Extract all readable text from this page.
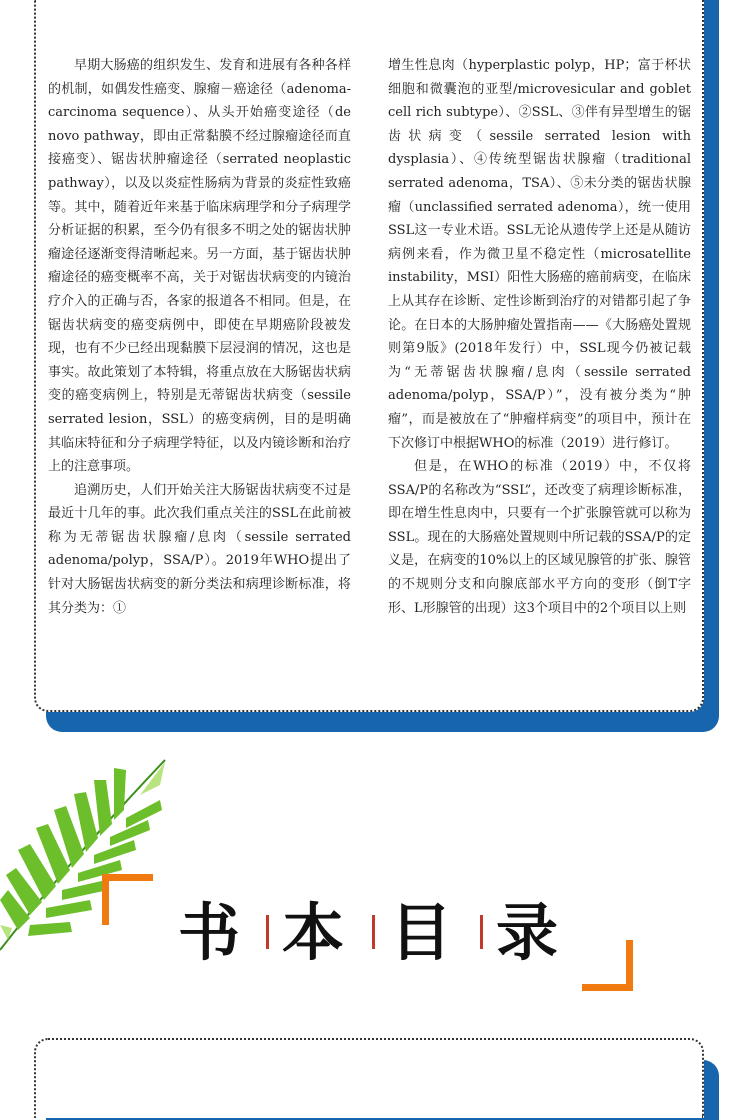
早期大肠癌的组织发生、发育和进展有各种各样的机制，如偶发性癌变、腺瘤－癌途径（adenoma-carcinoma sequence）、从头开始癌变途径（de novo pathway，即由正常黏膜不经过腺瘤途径而直接癌变）、锯齿状肿瘤途径（serrated neoplastic pathway），以及以炎症性肠病为背景的炎症性致癌等。其中，随着近年来基于临床病理学和分子病理学分析证据的积累，至今仍有很多不明之处的锯齿状肿瘤途径逐渐变得清晰起来。另一方面，基于锯齿状肿瘤途径的癌变概率不高，关于对锯齿状病变的内镜治疗介入的正确与否，各家的报道各不相同。但是，在锯齿状病变的癌变病例中，即使在早期癌阶段被发现，也有不少已经出现黏膜下层浸润的情况，这也是事实。故此策划了本特辑，将重点放在大肠锯齿状病变的癌变病例上，特别是无蒂锯齿状病变（sessile serrated lesion，SSL）的癌变病例，目的是明确其临床特征和分子病理学特征，以及内镜诊断和治疗上的注意事项。

追溯历史，人们开始关注大肠锯齿状病变不过是最近十几年的事。此次我们重点关注的SSL在此前被称为无蒂锯齿状腺瘤/息肉（sessile serrated adenoma/polyp，SSA/P）。2019年WHO提出了针对大肠锯齿状病变的新分类法和病理诊断标准，将其分类为：①

增生性息肉（hyperplastic polyp，HP；富于杯状细胞和微囊泡的亚型/microvesicular and goblet cell rich subtype）、②SSL、③伴有异型增生的锯齿状病变（sessile serrated lesion with dysplasia）、④传统型锯齿状腺瘤（traditional serrated adenoma，TSA）、⑤未分类的锯齿状腺瘤（unclassified serrated adenoma），统一使用SSL这一专业术语。SSL无论从遗传学上还是从随访病例来看，作为微卫星不稳定性（microsatellite instability，MSI）阳性大肠癌的癌前病变，在临床上从其存在诊断、定性诊断到治疗的对错都引起了争论。在日本的大肠肿瘤处置指南——《大肠癌处置规则第9版》(2018年发行）中，SSL现今仍被记载为“无蒂锯齿状腺瘤/息肉（sessile serrated adenoma/polyp，SSA/P）”，没有被分类为“肿瘤”，而是被放在了“肿瘤样病变”的项目中，预计在下次修订中根据WHO的标准（2019）进行修订。

但是，在WHO的标准（2019）中，不仅将SSA/P的名称改为“SSL”，还改变了病理诊断标准，即在增生性息肉中，只要有一个扩张腺管就可以称为SSL。现在的大肠癌处置规则中所记载的SSA/P的定义是，在病变的10%以上的区域见腺管的扩张、腺管的不规则分支和向腺底部水平方向的变形（倒T字形、L形腺管的出现）这3个项目中的2个项目以上则

书 本 目 录
